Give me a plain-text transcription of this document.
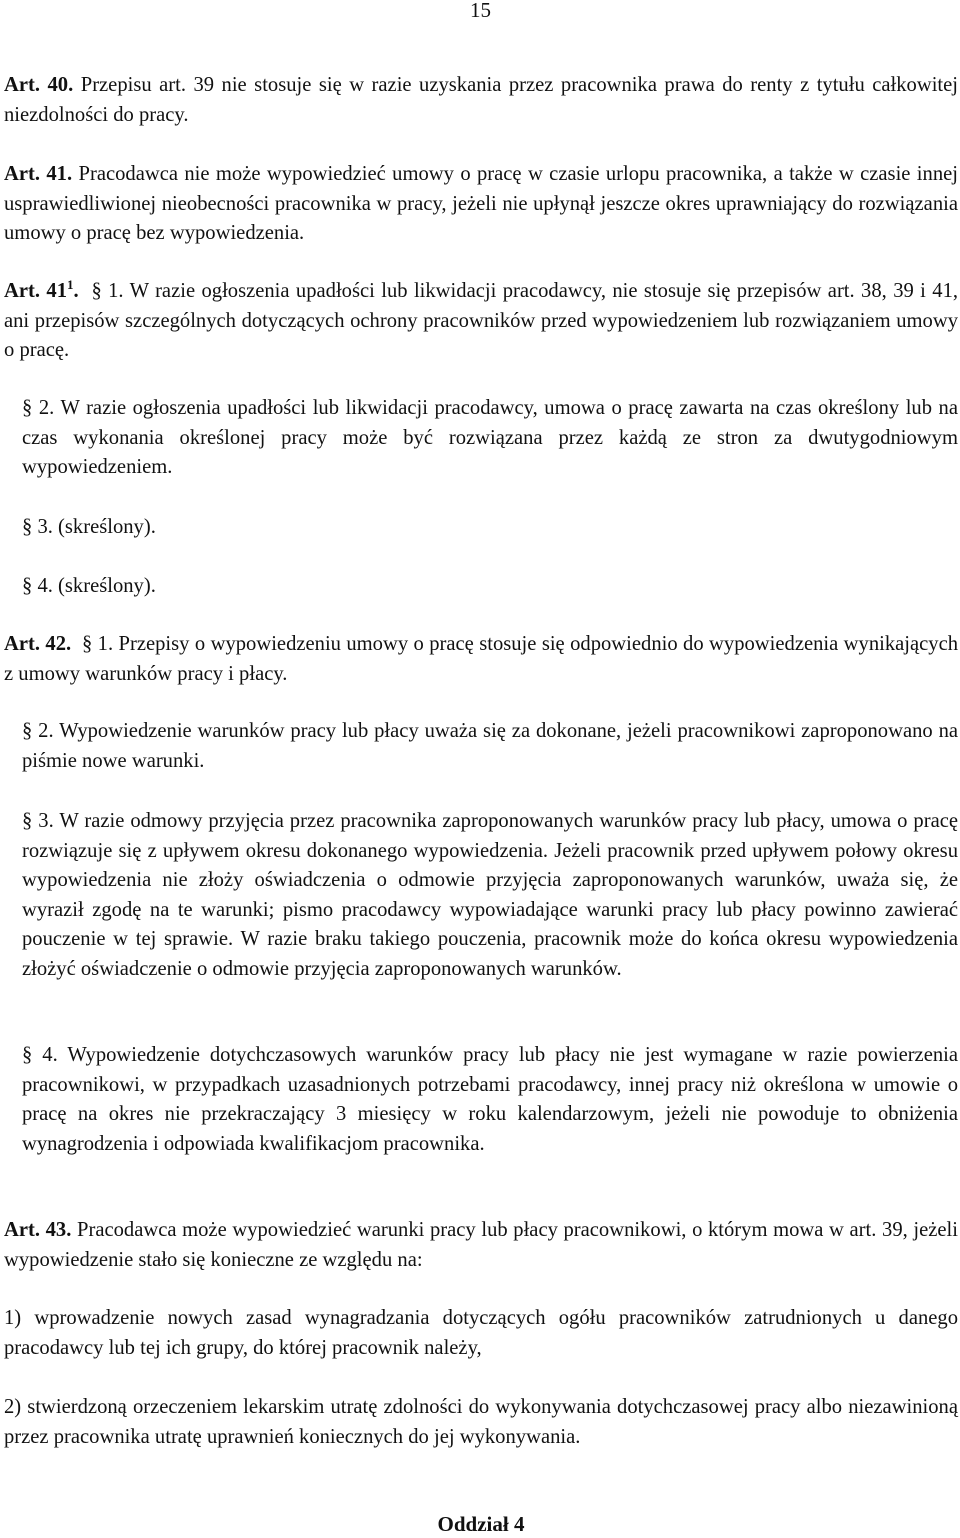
15

Art. 40. Przepisu art. 39 nie stosuje się w razie uzyskania przez pracownika prawa do renty z tytułu całkowitej niezdolności do pracy.

Art. 41. Pracodawca nie może wypowiedzieć umowy o pracę w czasie urlopu pracownika, a także w czasie innej usprawiedliwionej nieobecności pracownika w pracy, jeżeli nie upłynął jeszcze okres uprawniający do rozwiązania umowy o pracę bez wypowiedzenia.

Art. $41^1$. § 1. W razie ogłoszenia upadłości lub likwidacji pracodawcy, nie stosuje się przepisów art. 38, 39 i 41, ani przepisów szczególnych dotyczących ochrony pracowników przed wypowiedzeniem lub rozwiązaniem umowy o pracę.

§ 2. W razie ogłoszenia upadłości lub likwidacji pracodawcy, umowa o pracę zawarta na czas określony lub na czas wykonania określonej pracy może być rozwiązana przez każdą ze stron za dwutygodniowym wypowiedzeniem.

§ 3. (skreślony).

§ 4. (skreślony).

Art. 42. § 1. Przepisy o wypowiedzeniu umowy o pracę stosuje się odpowiednio do wypowiedzenia wynikających z umowy warunków pracy i płacy.

§ 2. Wypowiedzenie warunków pracy lub płacy uważa się za dokonane, jeżeli pracownikowi zaproponowano na piśmie nowe warunki.

§ 3. W razie odmowy przyjęcia przez pracownika zaproponowanych warunków pracy lub płacy, umowa o pracę rozwiązuje się z upływem okresu dokonanego wypowiedzenia. Jeżeli pracownik przed upływem połowy okresu wypowiedzenia nie złoży oświadczenia o odmowie przyjęcia zaproponowanych warunków, uważa się, że wyraził zgodę na te warunki; pismo pracodawcy wypowiadające warunki pracy lub płacy powinno zawierać pouczenie w tej sprawie. W razie braku takiego pouczenia, pracownik może do końca okresu wypowiedzenia złożyć oświadczenie o odmowie przyjęcia zaproponowanych warunków.

§ 4. Wypowiedzenie dotychczasowych warunków pracy lub płacy nie jest wymagane w razie powierzenia pracownikowi, w przypadkach uzasadnionych potrzebami pracodawcy, innej pracy niż określona w umowie o pracę na okres nie przekraczający 3 miesięcy w roku kalendarzowym, jeżeli nie powoduje to obniżenia wynagrodzenia i odpowiada kwalifikacjom pracownika.

Art. 43. Pracodawca może wypowiedzieć warunki pracy lub płacy pracownikowi, o którym mowa w art. 39, jeżeli wypowiedzenie stało się konieczne ze względu na:

1) wprowadzenie nowych zasad wynagradzania dotyczących ogółu pracowników zatrudnionych u danego pracodawcy lub tej ich grupy, do której pracownik należy,

2) stwierdzoną orzeczeniem lekarskim utratę zdolności do wykonywania dotychczasowej pracy albo niezawinioną przez pracownika utratę uprawnień koniecznych do jej wykonywania.

Oddział 4
